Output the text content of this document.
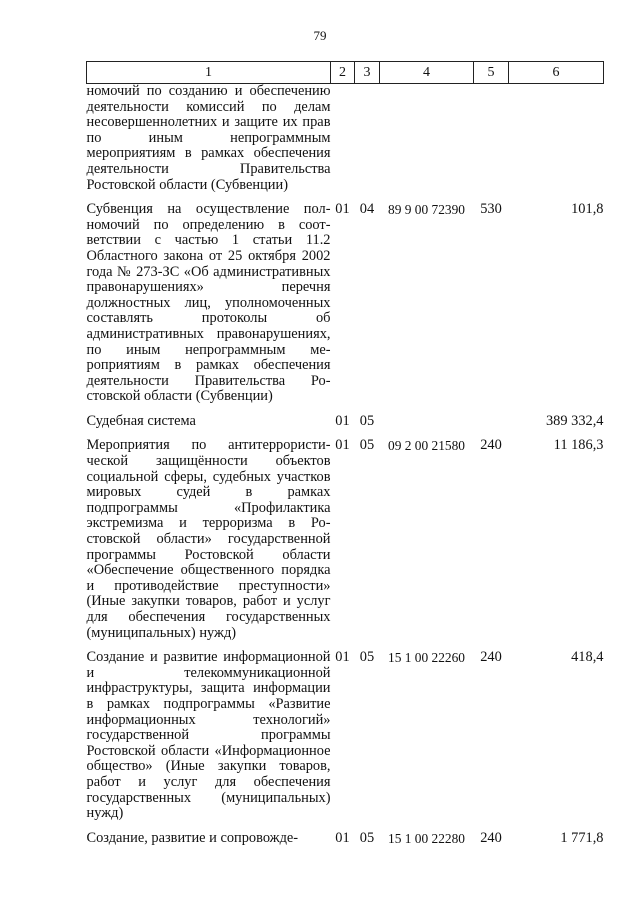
79
1	2	3	4	5	6
номочий по созданию и обеспечению деятельности комиссий по делам несовершеннолетних и защите их прав по иным непрограммным мероприятиям в рамках обеспечения деятельности Правительства Ростовской области (Субвенции)					

Субвенция на осуществление полномочий по определению в соответствии с частью 1 статьи 11.2 Областного закона от 25 октября 2002 года № 273-ЗС «Об административных правонарушениях» перечня должностных лиц, уполномоченных составлять протоколы об административных правонарушениях, по иным непрограммным мероприятиям в рамках обеспечения деятельности Правительства Ростовской области (Субвенции)	01	04	89 9 00 72390	530	101,8

Судебная система	01	05			389 332,4

Мероприятия по антитеррористической защищённости объектов социальной сферы, судебных участков мировых судей в рамках подпрограммы «Профилактика экстремизма и терроризма в Ростовской области» государственной программы Ростовской области «Обеспечение общественного порядка и противодействие преступности» (Иные закупки товаров, работ и услуг для обеспечения государственных (муниципальных) нужд)	01	05	09 2 00 21580	240	11 186,3

Создание и развитие информационной и телекоммуникационной инфраструктуры, защита информации в рамках подпрограммы «Развитие информационных технологий» государственной программы Ростовской области «Информационное общество» (Иные закупки товаров, работ и услуг для обеспечения государственных (муниципальных) нужд)	01	05	15 1 00 22260	240	418,4

Создание, развитие и сопровожде-	01	05	15 1 00 22280	240	1 771,8
